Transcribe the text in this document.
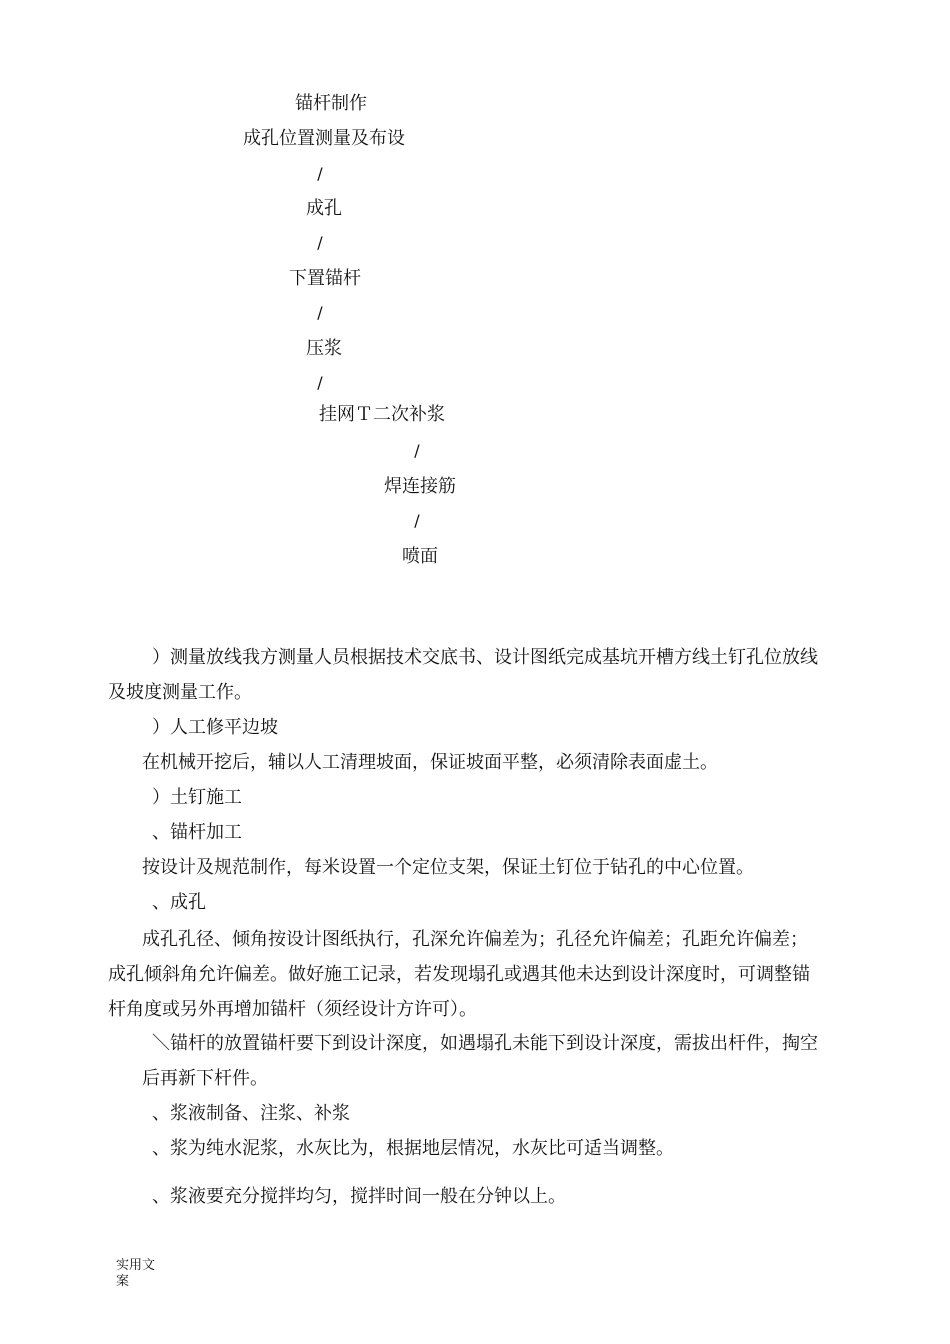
锚杆制作
成孔位置测量及布设
/
成孔
/
下置锚杆
/
压浆
/
挂网Ｔ二次补浆
/
焊连接筋
/
喷面
）测量放线我方测量人员根据技术交底书、设计图纸完成基坑开槽方线土钉孔位放线
及坡度测量工作。
）人工修平边坡
在机械开挖后，辅以人工清理坡面，保证坡面平整，必须清除表面虚土。
）土钉施工
、锚杆加工
按设计及规范制作，每米设置一个定位支架，保证土钉位于钻孔的中心位置。
、成孔
成孔孔径、倾角按设计图纸执行，孔深允许偏差为；孔径允许偏差；孔距允许偏差；
成孔倾斜角允许偏差。做好施工记录，若发现塌孔或遇其他未达到设计深度时，可调整锚
杆角度或另外再增加锚杆（须经设计方许可）。
＼锚杆的放置锚杆要下到设计深度，如遇塌孔未能下到设计深度，需拔出杆件，掏空
后再新下杆件。
、浆液制备、注浆、补浆
、浆为纯水泥浆，水灰比为，根据地层情况，水灰比可适当调整。
、浆液要充分搅拌均匀，搅拌时间一般在分钟以上。
实用文案
